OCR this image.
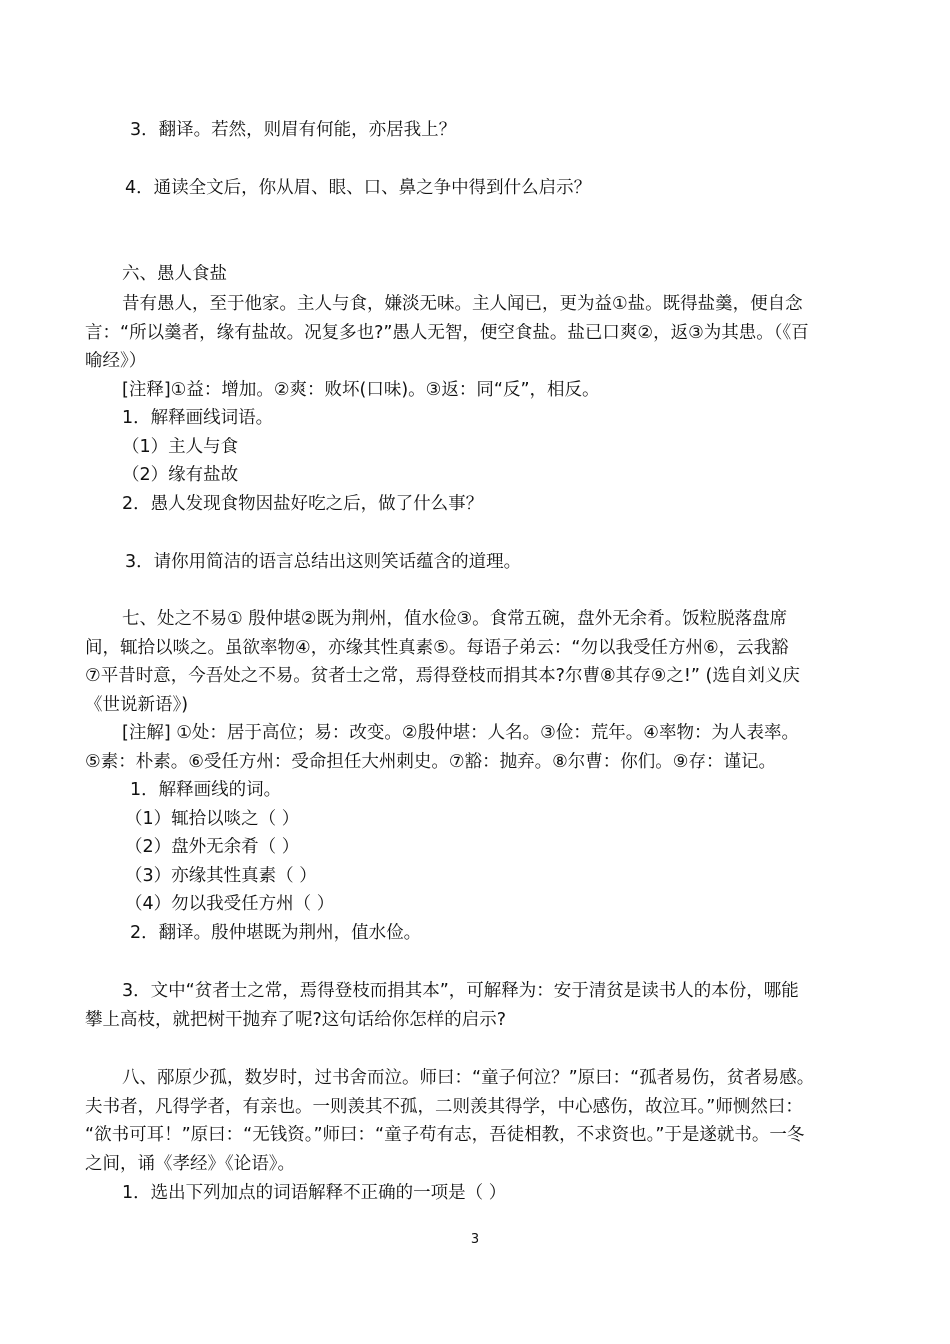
3．翻译。若然，则眉有何能，亦居我上？

4．通读全文后，你从眉、眼、口、鼻之争中得到什么启示？

六、愚人食盐

昔有愚人，至于他家。主人与食，嫌淡无味。主人闻已，更为益①盐。既得盐羹，便自念

言：“所以羹者，缘有盐故。况复多也?”愚人无智，便空食盐。盐已口爽②，返③为其患。（《百

喻经》）

[注释]①益：增加。②爽：败坏(口味)。③返：同“反”，相反。

1．解释画线词语。

（1）主人与食

（2）缘有盐故

2．愚人发现食物因盐好吃之后，做了什么事？

3．请你用简洁的语言总结出这则笑话蕴含的道理。

七、处之不易① 殷仲堪②既为荆州，值水俭③。食常五碗，盘外无余肴。饭粒脱落盘席

间，辄拾以啖之。虽欲率物④，亦缘其性真素⑤。每语子弟云：“勿以我受任方州⑥，云我豁

⑦平昔时意，今吾处之不易。贫者士之常，焉得登枝而捐其本?尔曹⑧其存⑨之!” (选自刘义庆

《世说新语》)

[注解] ①处：居于高位；易：改变。②殷仲堪：人名。③俭：荒年。④率物：为人表率。

⑤素：朴素。⑥受任方州：受命担任大州刺史。⑦豁：抛弃。⑧尔曹：你们。⑨存：谨记。

1．解释画线的词。

（1）辄拾以啖之（ ）

（2）盘外无余肴（ ）

（3）亦缘其性真素（ ）

（4）勿以我受任方州（ ）

2．翻译。殷仲堪既为荆州，值水俭。

3．文中“贫者士之常，焉得登枝而捐其本”，可解释为：安于清贫是读书人的本份，哪能

攀上高枝，就把树干抛弃了呢?这句话给你怎样的启示?

八、邴原少孤，数岁时，过书舍而泣。师曰：“童子何泣？”原曰：“孤者易伤，贫者易感。

夫书者，凡得学者，有亲也。一则羡其不孤，二则羡其得学，中心感伤，故泣耳。”师恻然曰：

“欲书可耳！”原曰：“无钱资。”师曰：“童子苟有志，吾徒相教，不求资也。”于是遂就书。一冬

之间，诵《孝经》《论语》。

1．选出下列加点的词语解释不正确的一项是（ ）

3
